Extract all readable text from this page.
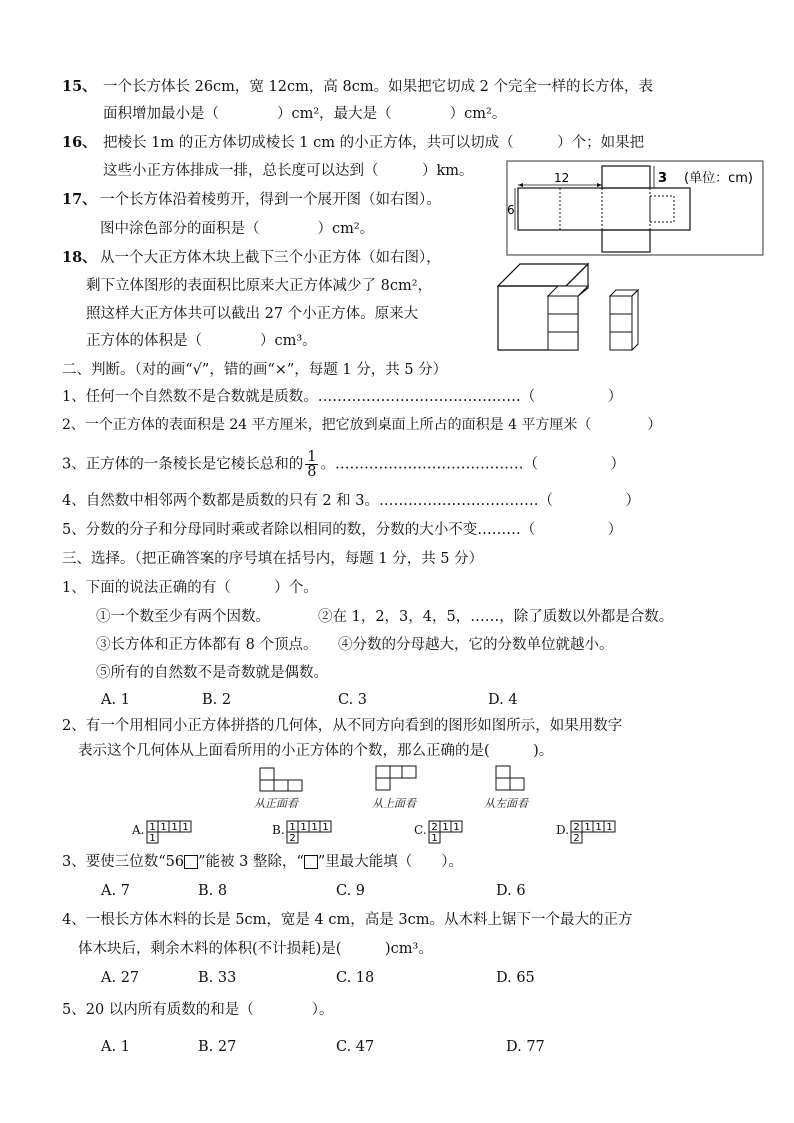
15、 一个长方体长 26cm，宽 12cm，高 8cm。如果把它切成 2 个完全一样的长方体，表
面积增加最小是（　　　　）cm²，最大是（　　　　）cm²。
16、 把棱长 1m 的正方体切成棱长 1 cm 的小正方体，共可以切成（　　　）个；如果把
这些小正方体排成一排，总长度可以达到（　　　）km。
17、 一个长方体沿着棱剪开，得到一个展开图（如右图）。
图中涂色部分的面积是（　　　　）cm²。
12
6
3 (单位：cm)
18、 从一个大正方体木块上截下三个小正方体（如右图），
剩下立体图形的表面积比原来大正方体减少了 8cm²，
照这样大正方体共可以截出 27 个小正方体。原来大
正方体的体积是（　　　　）cm³。
二、判断。（对的画“√”，错的画“×”，每题 1 分，共 5 分）
1、任何一个自然数不是合数就是质数。……………………………………（　　　　　）
2、一个正方体的表面积是 24 平方厘米，把它放到桌面上所占的面积是 4 平方厘米（　　　　）
3、正方体的一条棱长是它棱长总和的 $\frac{1}{8}$ 。…………………………………（　　　　　）
4、自然数中相邻两个数都是质数的只有 2 和 3。……………………………（　　　　　）
5、分数的分子和分母同时乘或者除以相同的数，分数的大小不变………（　　　　　）
三、选择。（把正确答案的序号填在括号内，每题 1 分，共 5 分）
1、下面的说法正确的有（　　　）个。
①一个数至少有两个因数。	②在 1，2，3，4，5，……，除了质数以外都是合数。
③长方体和正方体都有 8 个顶点。 ④分数的分母越大，它的分数单位就越小。
⑤所有的自然数不是奇数就是偶数。
A. 1	B. 2	C. 3	D. 4
2、有一个用相同小正方体拼搭的几何体，从不同方向看到的图形如图所示，如果用数字
表示这个几何体从上面看所用的小正方体的个数，那么正确的是(　　　)。
从正面看	从上面看	从左面看
A. 1 1 1 1
1
B. 1 1 1 1
2
C. 2 1 1
1
D. 2 1 1 1
2
3、要使三位数“56 ”能被 3 整除，“ ”里最大能填（　　）。
A. 7	B. 8	C. 9	D. 6
4、一根长方体木料的长是 5cm，宽是 4 cm，高是 3cm。从木料上锯下一个最大的正方
体木块后，剩余木料的体积(不计损耗)是(　　　)cm³。
A. 27	B. 33	C. 18	D. 65
5、20 以内所有质数的和是（　　　　）。
A. 1	B. 27	C. 47	D. 77
